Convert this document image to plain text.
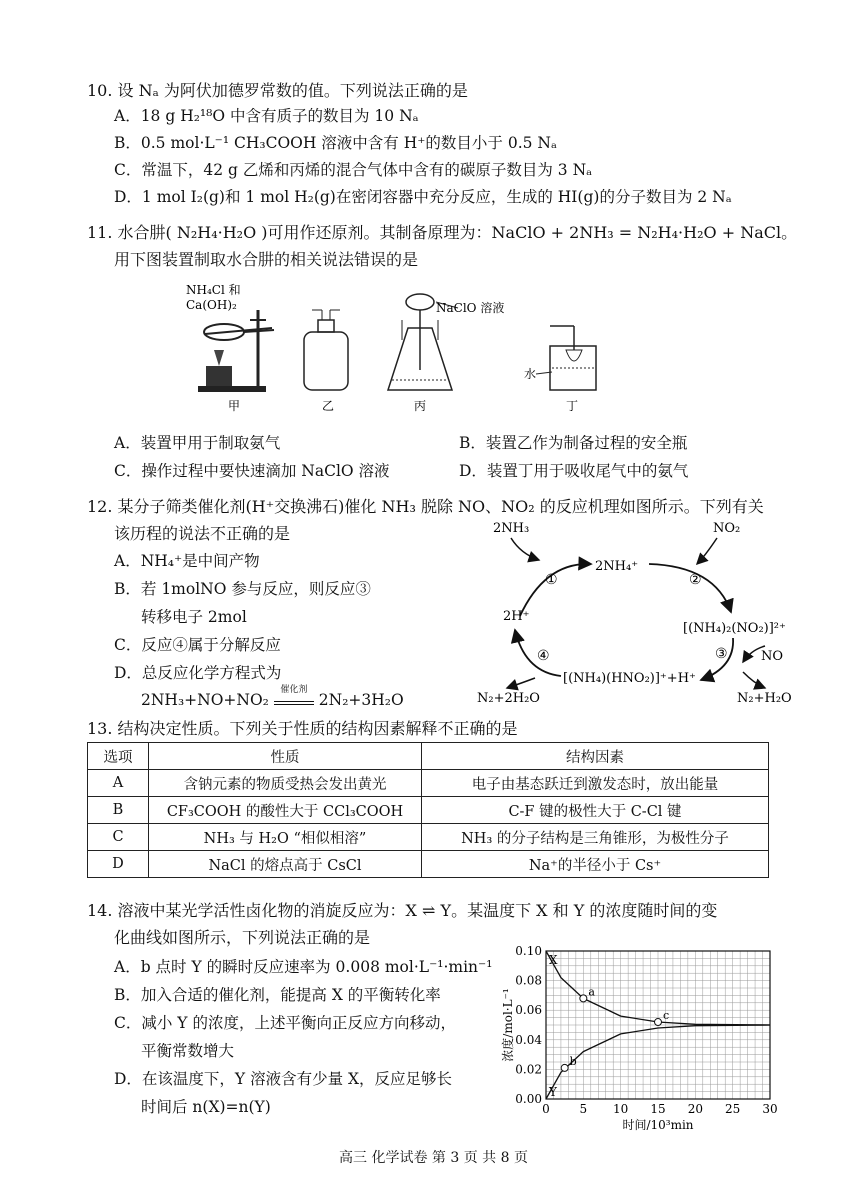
10. 设 Nₐ 为阿伏加德罗常数的值。下列说法正确的是
A．18 g H₂¹⁸O 中含有质子的数目为 10 Nₐ
B．0.5 mol·L⁻¹ CH₃COOH 溶液中含有 H⁺的数目小于 0.5 Nₐ
C．常温下，42 g 乙烯和丙烯的混合气体中含有的碳原子数目为 3 Nₐ
D．1 mol I₂(g)和 1 mol H₂(g)在密闭容器中充分反应，生成的 HI(g)的分子数目为 2 Nₐ
11. 水合肼( N₂H₄·H₂O )可用作还原剂。其制备原理为：NaClO + 2NH₃ = N₂H₄·H₂O + NaCl。
用下图装置制取水合肼的相关说法错误的是
NH₄Cl 和
Ca(OH)₂	NaClO 溶液
水
甲	乙	丙	丁
A．装置甲用于制取氨气	B．装置乙作为制备过程的安全瓶
C．操作过程中要快速滴加 NaClO 溶液	D．装置丁用于吸收尾气中的氨气
12. 某分子筛类催化剂(H⁺交换沸石)催化 NH₃ 脱除 NO、NO₂ 的反应机理如图所示。下列有关
该历程的说法不正确的是
A．NH₄⁺是中间产物
B．若 1molNO 参与反应，则反应③
转移电子 2mol
C．反应④属于分解反应
D．总反应化学方程式为
2NH₃+NO+NO₂
催化剂
2N₂+3H₂O
2NH₃
2NH₄⁺
NO₂
①	②
2H⁺
[(NH₄)₂(NO₂)]²⁺
③	NO
N₂+H₂O
[(NH₄)(HNO₂)]⁺+H⁺
④
N₂+2H₂O
13. 结构决定性质。下列关于性质的结构因素解释不正确的是
选项	性质	结构因素
A	含钠元素的物质受热会发出黄光	电子由基态跃迁到激发态时，放出能量
B	CF₃COOH 的酸性大于 CCl₃COOH	C-F 键的极性大于 C-Cl 键
C	NH₃ 与 H₂O “相似相溶”	NH₃ 的分子结构是三角锥形，为极性分子
D	NaCl 的熔点高于 CsCl	Na⁺的半径小于 Cs⁺
14. 溶液中某光学活性卤化物的消旋反应为：X ⇌ Y。某温度下 X 和 Y 的浓度随时间的变
化曲线如图所示，下列说法正确的是
A．b 点时 Y 的瞬时反应速率为 0.008 mol·L⁻¹·min⁻¹
B．加入合适的催化剂，能提高 X 的平衡转化率
C．减小 Y 的浓度，上述平衡向正反应方向移动，
平衡常数增大
D．在该温度下，Y 溶液含有少量 X，反应足够长
时间后 n(X)=n(Y)	0 5 10 15 20 25 30
0.00
0.02
0.04
0.06
0.08
0.10
时间/10³min
浓度/mol·L⁻¹
X
Y
a
b
c
高三 化学试卷 第 3 页 共 8 页
